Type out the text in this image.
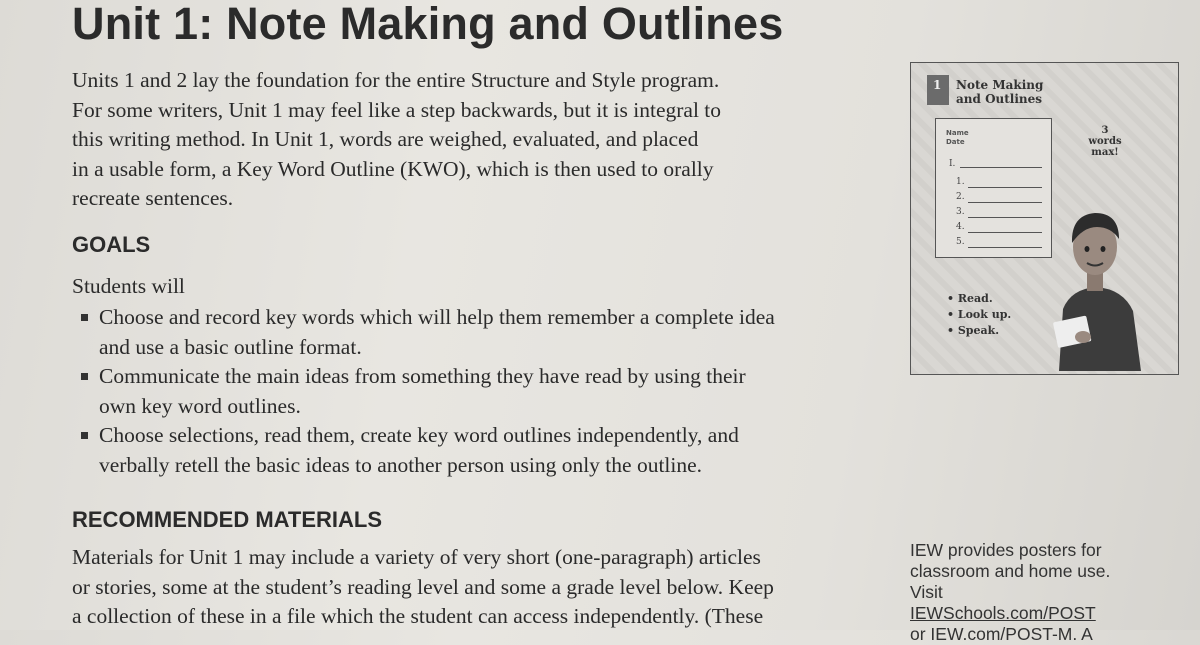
Unit 1: Note Making and Outlines
Units 1 and 2 lay the foundation for the entire Structure and Style program.
For some writers, Unit 1 may feel like a step backwards, but it is integral to
this writing method. In Unit 1, words are weighed, evaluated, and placed
in a usable form, a Key Word Outline (KWO), which is then used to orally
recreate sentences.
GOALS
Students will
Choose and record key words which will help them remember a complete idea
and use a basic outline format.
Communicate the main ideas from something they have read by using their
own key word outlines.
Choose selections, read them, create key word outlines independently, and
verbally retell the basic ideas to another person using only the outline.
RECOMMENDED MATERIALS
Materials for Unit 1 may include a variety of very short (one-paragraph) articles
or stories, some at the student’s reading level and some a grade level below. Keep
a collection of these in a file which the student can access independently. (These
1 Note Making
and Outlines
Name
Date
I.
1.
2.
3.
4.
5.
3
words
max!
• Read.
• Look up.
• Speak.
IEW provides posters for
classroom and home use.
Visit
IEWSchools.com/POST
or IEW.com/POST-M. A
